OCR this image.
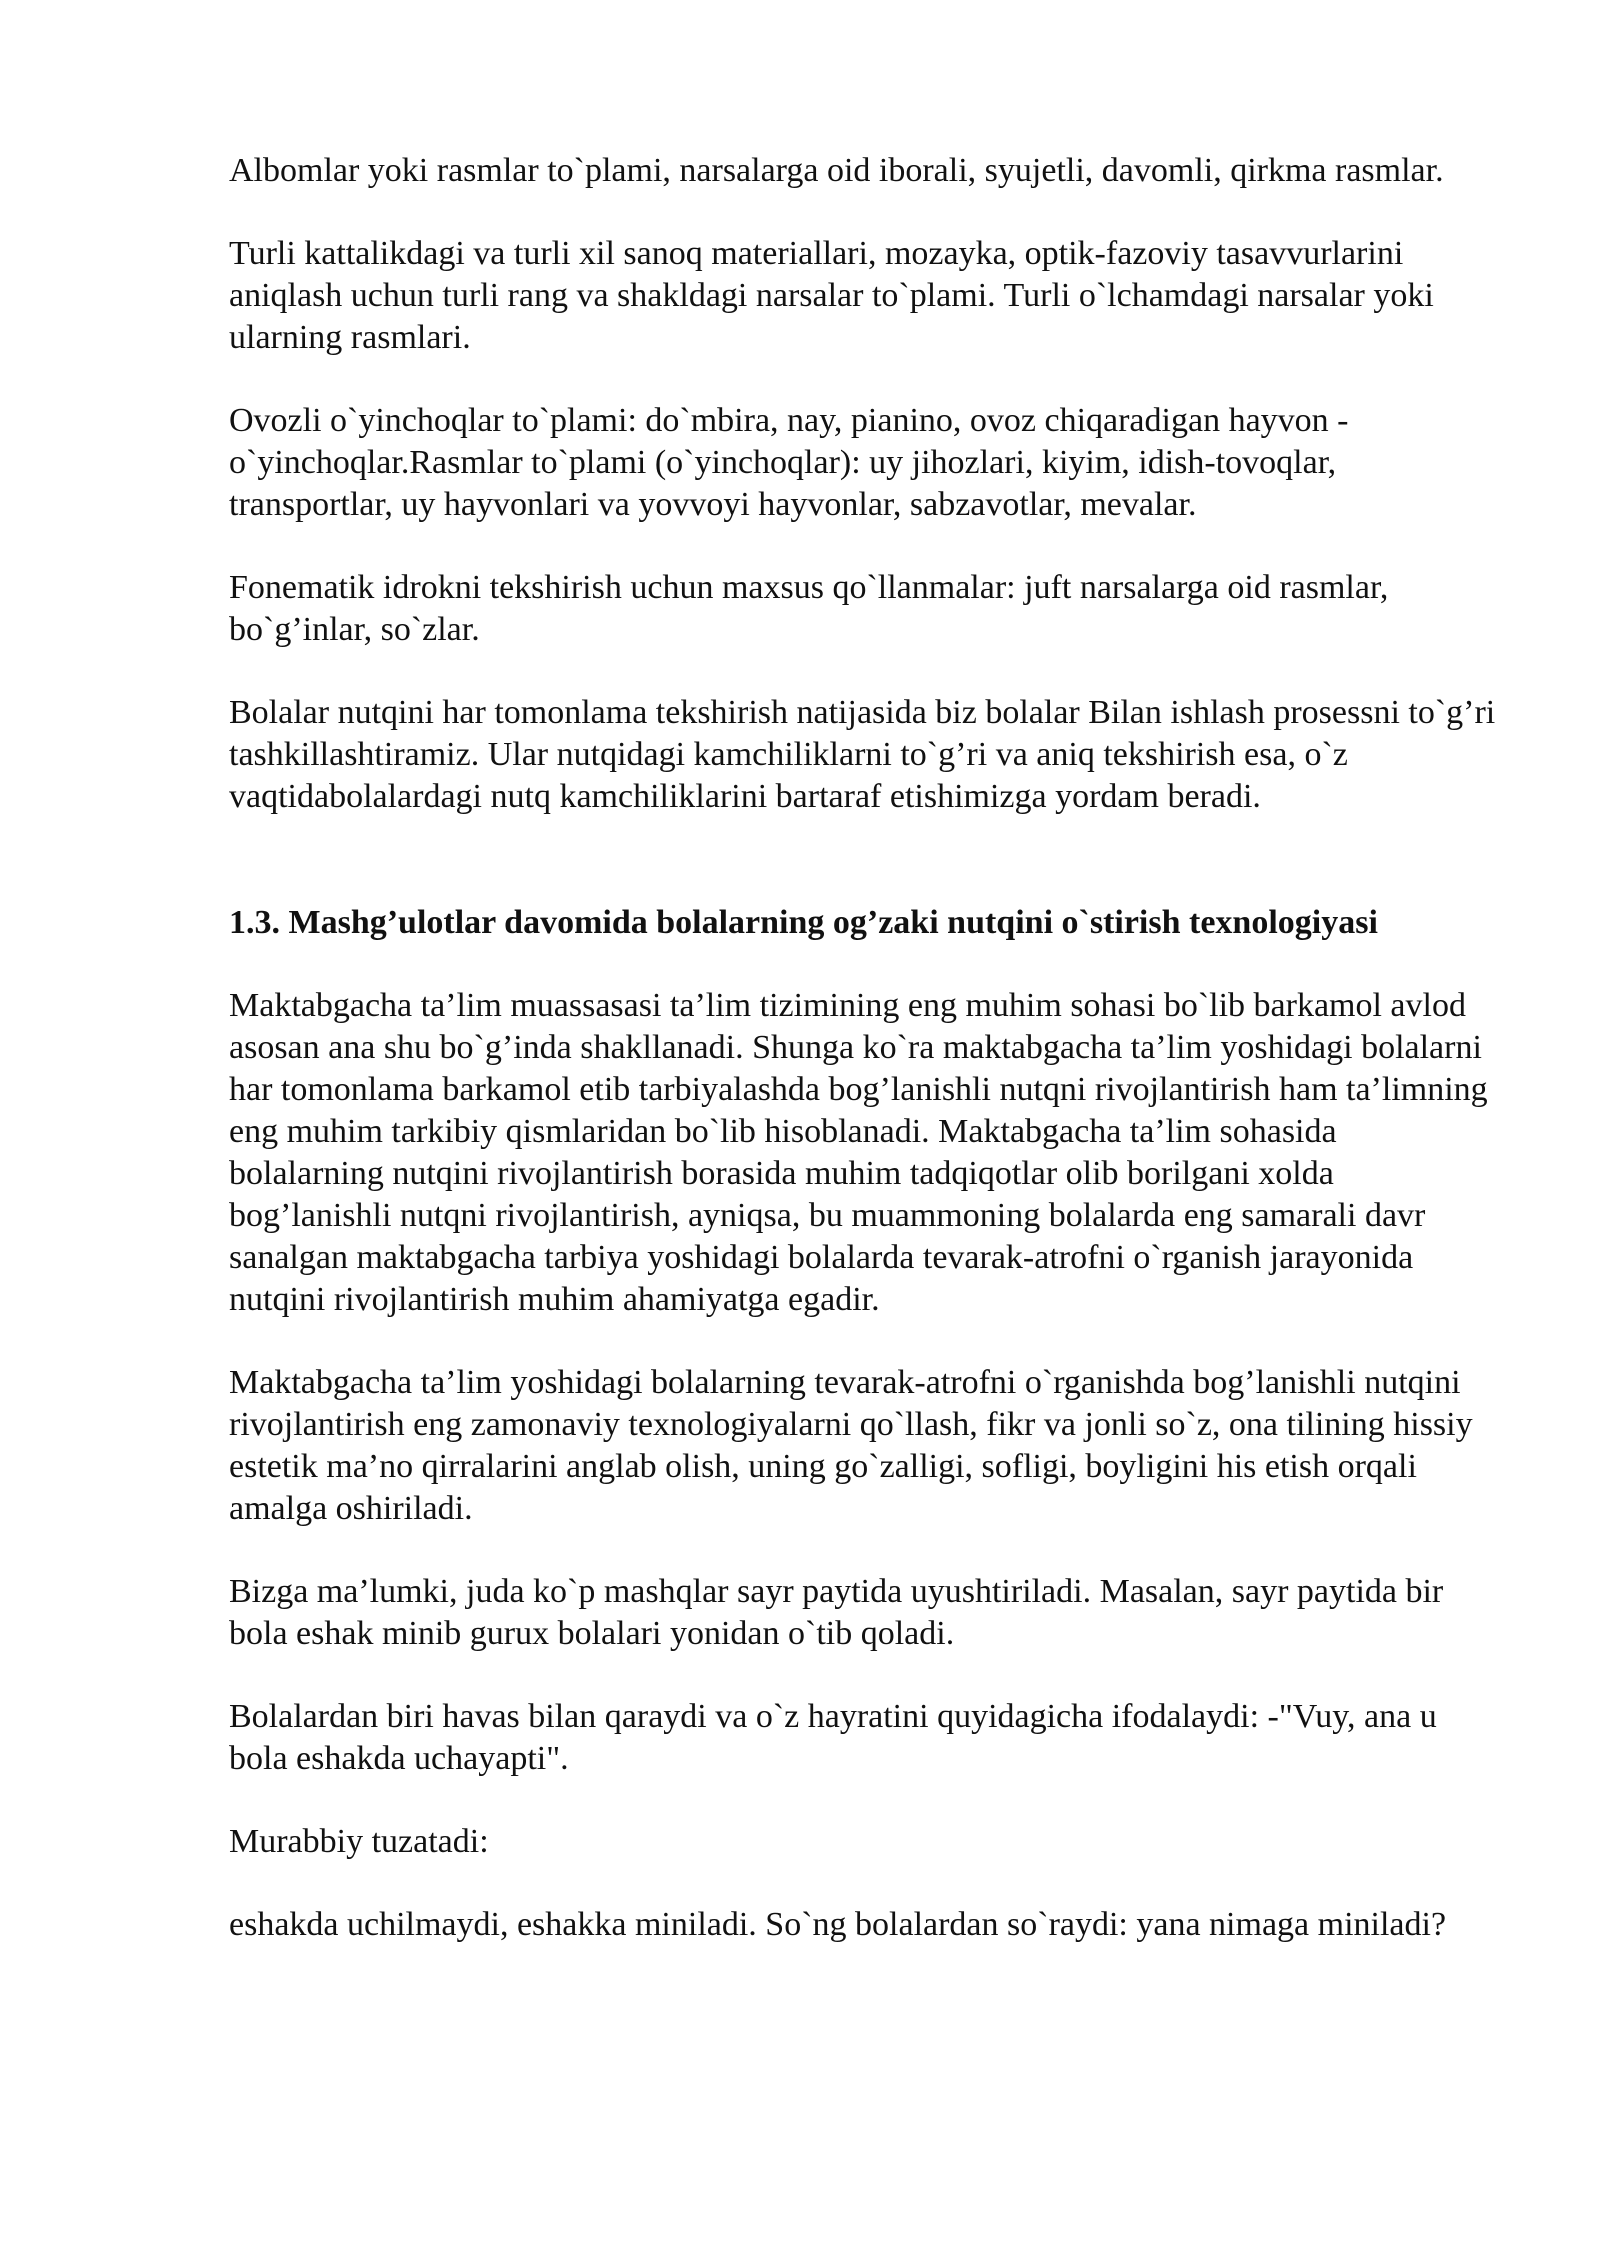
Albomlar yoki rasmlar to`plami, narsalarga oid iborali, syujetli, davomli, qirkma rasmlar.

Turli kattalikdagi va turli xil sanoq materiallari, mozayka, optik-fazoviy tasavvurlarini aniqlash uchun turli rang va shakldagi narsalar to`plami. Turli o`lchamdagi narsalar yoki ularning rasmlari.

Ovozli o`yinchoqlar to`plami: do`mbira, nay, pianino, ovoz chiqaradigan hayvon - o`yinchoqlar.Rasmlar to`plami (o`yinchoqlar): uy jihozlari, kiyim, idish-tovoqlar, transportlar, uy hayvonlari va yovvoyi hayvonlar, sabzavotlar, mevalar.

Fonematik idrokni tekshirish uchun maxsus qo`llanmalar: juft narsalarga oid rasmlar, bo`g’inlar, so`zlar.

Bolalar nutqini har tomonlama tekshirish natijasida biz bolalar Bilan ishlash prosessni to`g’ri tashkillashtiramiz. Ular nutqidagi kamchiliklarni to`g’ri va aniq tekshirish esa, o`z vaqtidabolalardagi nutq kamchiliklarini bartaraf etishimizga yordam beradi.

1.3. Mashg’ulotlar davomida bolalarning og’zaki nutqini o`stirish texnologiyasi

Maktabgacha ta’lim muassasasi ta’lim tizimining eng muhim sohasi bo`lib barkamol avlod asosan ana shu bo`g’inda shakllanadi. Shunga ko`ra maktabgacha ta’lim yoshidagi bolalarni har tomonlama barkamol etib tarbiyalashda bog’lanishli nutqni rivojlantirish ham ta’limning eng muhim tarkibiy qismlaridan bo`lib hisoblanadi. Maktabgacha ta’lim sohasida bolalarning nutqini rivojlantirish borasida muhim tadqiqotlar olib borilgani xolda bog’lanishli nutqni rivojlantirish, ayniqsa, bu muammoning bolalarda eng samarali davr sanalgan maktabgacha tarbiya yoshidagi bolalarda tevarak-atrofni o`rganish jarayonida nutqini rivojlantirish muhim ahamiyatga egadir.

Maktabgacha ta’lim yoshidagi bolalarning tevarak-atrofni o`rganishda bog’lanishli nutqini rivojlantirish eng zamonaviy texnologiyalarni qo`llash, fikr va jonli so`z, ona tilining hissiy estetik ma’no qirralarini anglab olish, uning go`zalligi, sofligi, boyligini his etish orqali amalga oshiriladi.

Bizga ma’lumki, juda ko`p mashqlar sayr paytida uyushtiriladi. Masalan, sayr paytida bir bola eshak minib gurux bolalari yonidan o`tib qoladi.

Bolalardan biri havas bilan qaraydi va o`z hayratini quyidagicha ifodalaydi: -"Vuy, ana u bola eshakda uchayapti".

Murabbiy tuzatadi:

eshakda uchilmaydi, eshakka miniladi. So`ng bolalardan so`raydi: yana nimaga miniladi?
